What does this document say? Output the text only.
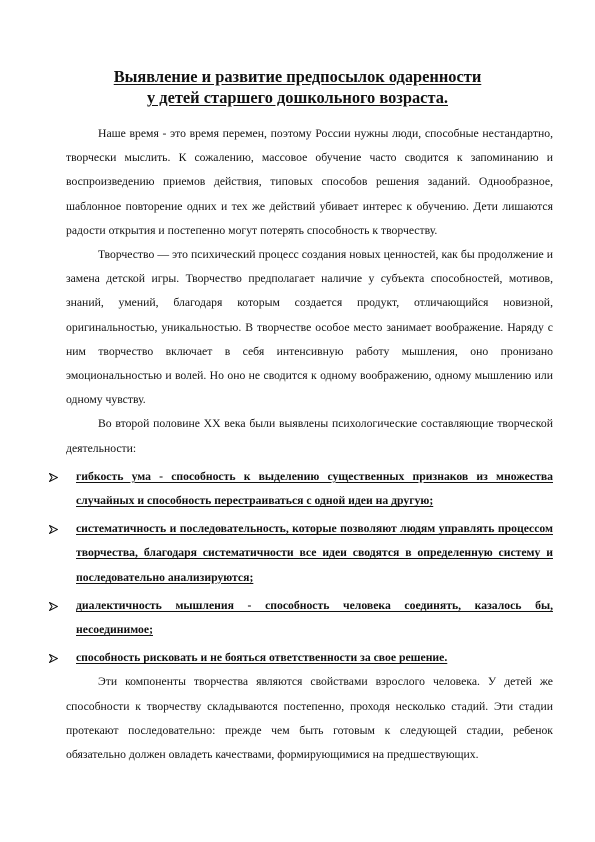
Выявление и развитие предпосылок одаренности
у детей старшего дошкольного возраста.

Наше время - это время перемен, поэтому России нужны люди, способные нестандартно, творчески мыслить. К сожалению, массовое обучение часто сводится к запоминанию и воспроизведению приемов действия, типовых способов решения заданий. Однообразное, шаблонное повторение одних и тех же действий убивает интерес к обучению. Дети лишаются радости открытия и постепенно могут потерять способность к творчеству.

Творчество — это психический процесс создания новых ценностей, как бы продолжение и замена детской игры. Творчество предполагает наличие у субъекта способностей, мотивов, знаний, умений, благодаря которым создается продукт, отличающийся новизной, оригинальностью, уникальностью. В творчестве особое место занимает воображение. Наряду с ним творчество включает в себя интенсивную работу мышления, оно пронизано эмоциональностью и волей. Но оно не сводится к одному воображению, одному мышлению или одному чувству.

Во второй половине XX века были выявлены психологические составляющие творческой деятельности:

гибкость ума - способность к выделению существенных признаков из множества случайных и способность перестраиваться с одной идеи на другую;
систематичность и последовательность, которые позволяют людям управлять процессом творчества, благодаря систематичности все идеи сводятся в определенную систему и последовательно анализируются;
диалектичность мышления - способность человека соединять, казалось бы, несоединимое;
способность рисковать и не бояться ответственности за свое решение.

Эти компоненты творчества являются свойствами взрослого человека. У детей же способности к творчеству складываются постепенно, проходя несколько стадий. Эти стадии протекают последовательно: прежде чем быть готовым к следующей стадии, ребенок обязательно должен овладеть качествами, формирующимися на предшествующих.
